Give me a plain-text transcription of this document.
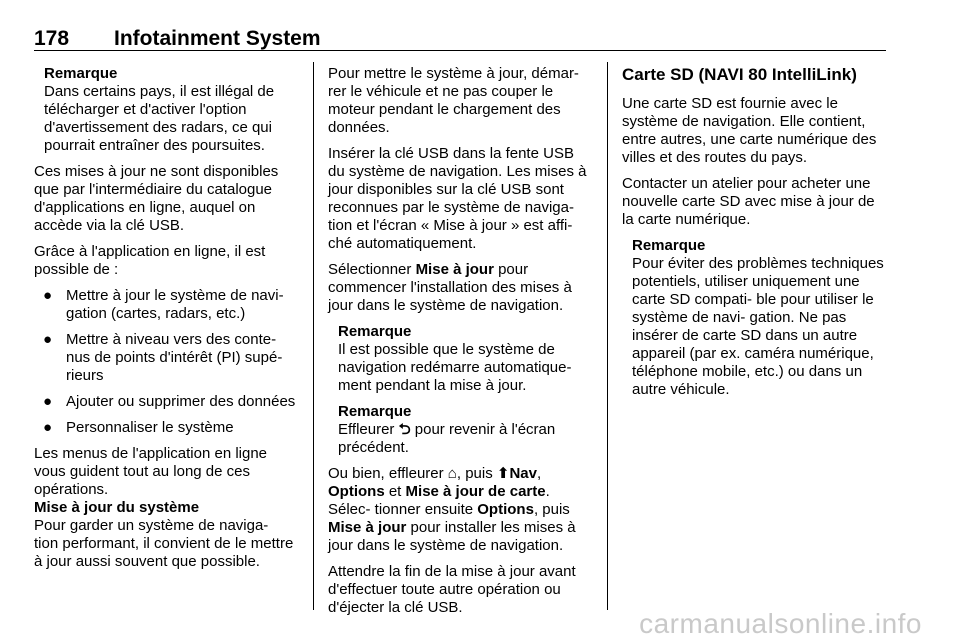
178 Infotainment System
Remarque
Dans certains pays, il est illégal de télécharger et d'activer l'option d'avertissement des radars, ce qui pourrait entraîner des poursuites.

Ces mises à jour ne sont disponibles que par l'intermédiaire du catalogue d'applications en ligne, auquel on accède via la clé USB.

Grâce à l'application en ligne, il est possible de :

● Mettre à jour le système de navi- gation (cartes, radars, etc.)
● Mettre à niveau vers des conte- nus de points d'intérêt (PI) supé- rieurs
● Ajouter ou supprimer des données
● Personnaliser le système

Les menus de l'application en ligne vous guident tout au long de ces opérations.

Mise à jour du système
Pour garder un système de naviga- tion performant, il convient de le mettre à jour aussi souvent que possible.

Pour mettre le système à jour, démar- rer le véhicule et ne pas couper le moteur pendant le chargement des données.

Insérer la clé USB dans la fente USB du système de navigation. Les mises à jour disponibles sur la clé USB sont reconnues par le système de naviga- tion et l'écran « Mise à jour » est affi- ché automatiquement.

Sélectionner Mise à jour pour commencer l'installation des mises à jour dans le système de navigation.

Remarque
Il est possible que le système de navigation redémarre automatique- ment pendant la mise à jour.
Remarque
Effleurer ⮌ pour revenir à l'écran précédent.

Ou bien, effleurer ⌂, puis ⬆Nav, Options et Mise à jour de carte. Sélec- tionner ensuite Options, puis Mise à jour pour installer les mises à jour dans le système de navigation.

Attendre la fin de la mise à jour avant d'effectuer toute autre opération ou d'éjecter la clé USB.

Carte SD (NAVI 80 IntelliLink)

Une carte SD est fournie avec le système de navigation. Elle contient, entre autres, une carte numérique des villes et des routes du pays.

Contacter un atelier pour acheter une nouvelle carte SD avec mise à jour de la carte numérique.

Remarque
Pour éviter des problèmes techniques potentiels, utiliser uniquement une carte SD compati- ble pour utiliser le système de navi- gation. Ne pas insérer de carte SD dans un autre appareil (par ex. caméra numérique, téléphone mobile, etc.) ou dans un autre véhicule.
carmanualsonline.info
